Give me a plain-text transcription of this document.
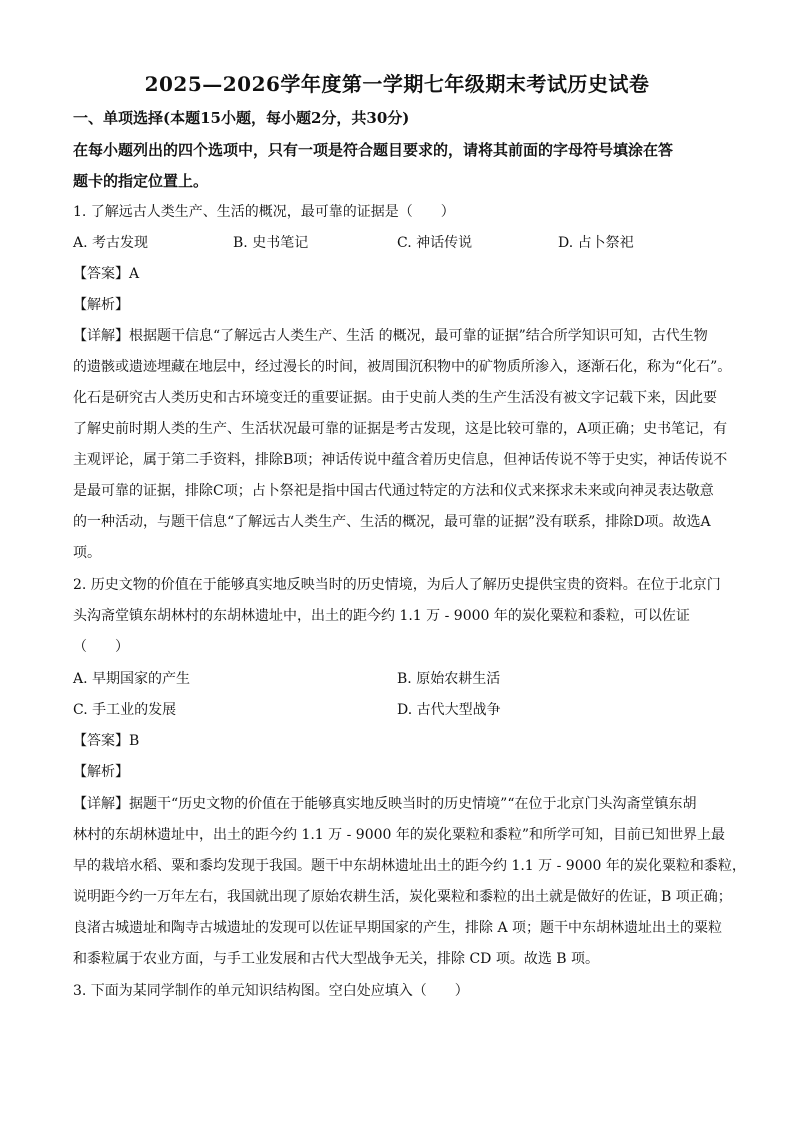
2025—2026学年度第一学期七年级期末考试历史试卷
一、单项选择(本题15小题，每小题2分，共30分)
在每小题列出的四个选项中，只有一项是符合题目要求的，请将其前面的字母符号填涂在答
题卡的指定位置上。
1. 了解远古人类生产、生活的概况，最可靠的证据是（　　）
A. 考古发现	B. 史书笔记	C. 神话传说	D. 占卜祭祀
【答案】A
【解析】
【详解】根据题干信息“了解远古人类生产、生活 的概况，最可靠的证据”结合所学知识可知，古代生物
的遗骸或遗迹埋藏在地层中，经过漫长的时间，被周围沉积物中的矿物质所渗入，逐渐石化，称为“化石”。
化石是研究古人类历史和古环境变迁的重要证据。由于史前人类的生产生活没有被文字记载下来，因此要
了解史前时期人类的生产、生活状况最可靠的证据是考古发现，这是比较可靠的，A项正确；史书笔记，有
主观评论，属于第二手资料，排除B项；神话传说中蕴含着历史信息，但神话传说不等于史实，神话传说不
是最可靠的证据，排除C项；占卜祭祀是指中国古代通过特定的方法和仪式来探求未来或向神灵表达敬意
的一种活动，与题干信息“了解远古人类生产、生活的概况，最可靠的证据”没有联系，排除D项。故选A
项。
2. 历史文物的价值在于能够真实地反映当时的历史情境，为后人了解历史提供宝贵的资料。在位于北京门
头沟斋堂镇东胡林村的东胡林遗址中，出土的距今约 1.1 万 - 9000 年的炭化粟粒和黍粒，可以佐证
（　　）
A. 早期国家的产生	B. 原始农耕生活
C. 手工业的发展	D. 古代大型战争
【答案】B
【解析】
【详解】据题干“历史文物的价值在于能够真实地反映当时的历史情境”“在位于北京门头沟斋堂镇东胡
林村的东胡林遗址中，出土的距今约 1.1 万 - 9000 年的炭化粟粒和黍粒”和所学可知，目前已知世界上最
早的栽培水稻、粟和黍均发现于我国。题干中东胡林遗址出土的距今约 1.1 万 - 9000 年的炭化粟粒和黍粒，
说明距今约一万年左右，我国就出现了原始农耕生活，炭化粟粒和黍粒的出土就是做好的佐证，B 项正确；
良渚古城遗址和陶寺古城遗址的发现可以佐证早期国家的产生，排除 A 项；题干中东胡林遗址出土的粟粒
和黍粒属于农业方面，与手工业发展和古代大型战争无关，排除 CD 项。故选 B 项。
3. 下面为某同学制作的单元知识结构图。空白处应填入（　　）
